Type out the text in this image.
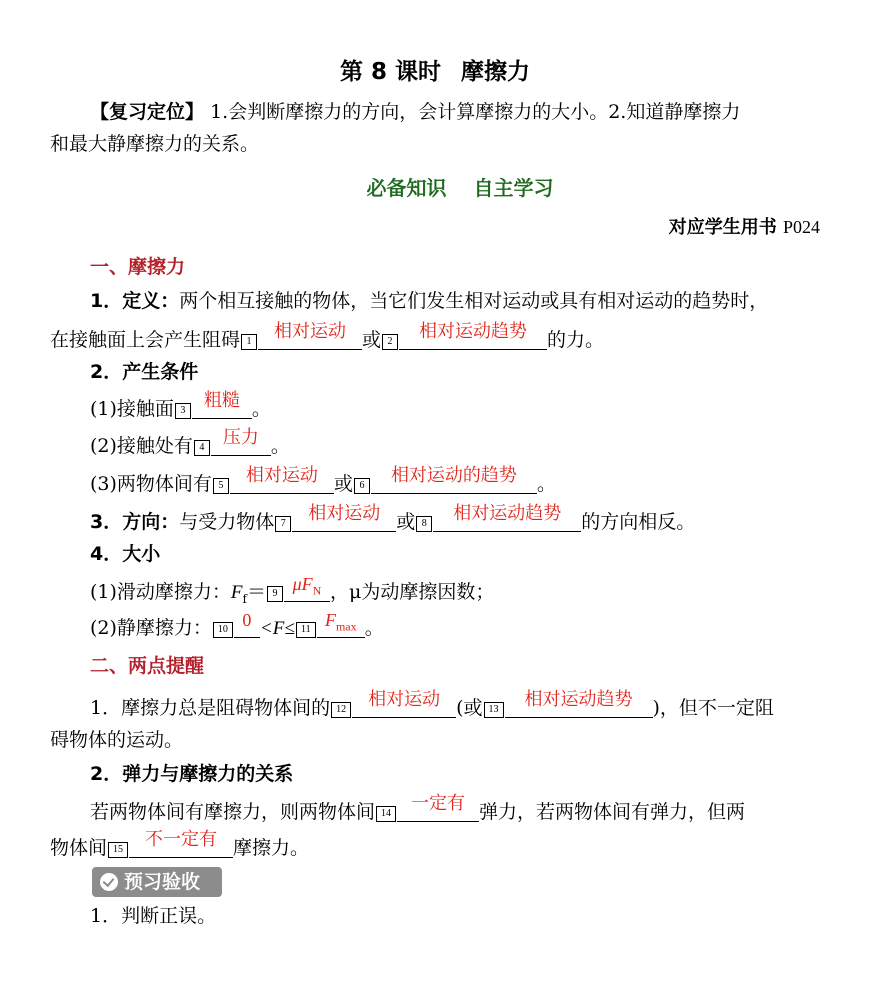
第 8 课时 摩擦力
【复习定位】 1.会判断摩擦力的方向，会计算摩擦力的大小。2.知道静摩擦力
和最大静摩擦力的关系。
必备知识 自主学习
对应学生用书 P024
一、摩擦力
1．定义：两个相互接触的物体，当它们发生相对运动或具有相对运动的趋势时，
在接触面上会产生阻碍 1	相对运动 或 2	相对运动趋势	的力。
2．产生条件
(1)接触面 3	粗糙 。
(2)接触处有 4	压力 。
(3)两物体间有 5	相对运动 或 6	相对运动的趋势	。
3．方向：与受力物体 7	相对运动 或 8	相对运动趋势	的方向相反。
4．大小
(1)滑动摩擦力：$F_f= 9$ $\mu F_N$ ，μ为动摩擦因数；
(2)静摩擦力： 10 0 <F≤ 11 $F_{max}$ 。
二、两点提醒
1．摩擦力总是阻碍物体间的 12	相对运动 (或 13	相对运动趋势	)，但不一定阻
碍物体的运动。
2．弹力与摩擦力的关系
若两物体间有摩擦力，则两物体间 14	一定有 弹力，若两物体间有弹力，但两
物体间 15	不一定有 摩擦力。
预习验收
1．判断正误。
